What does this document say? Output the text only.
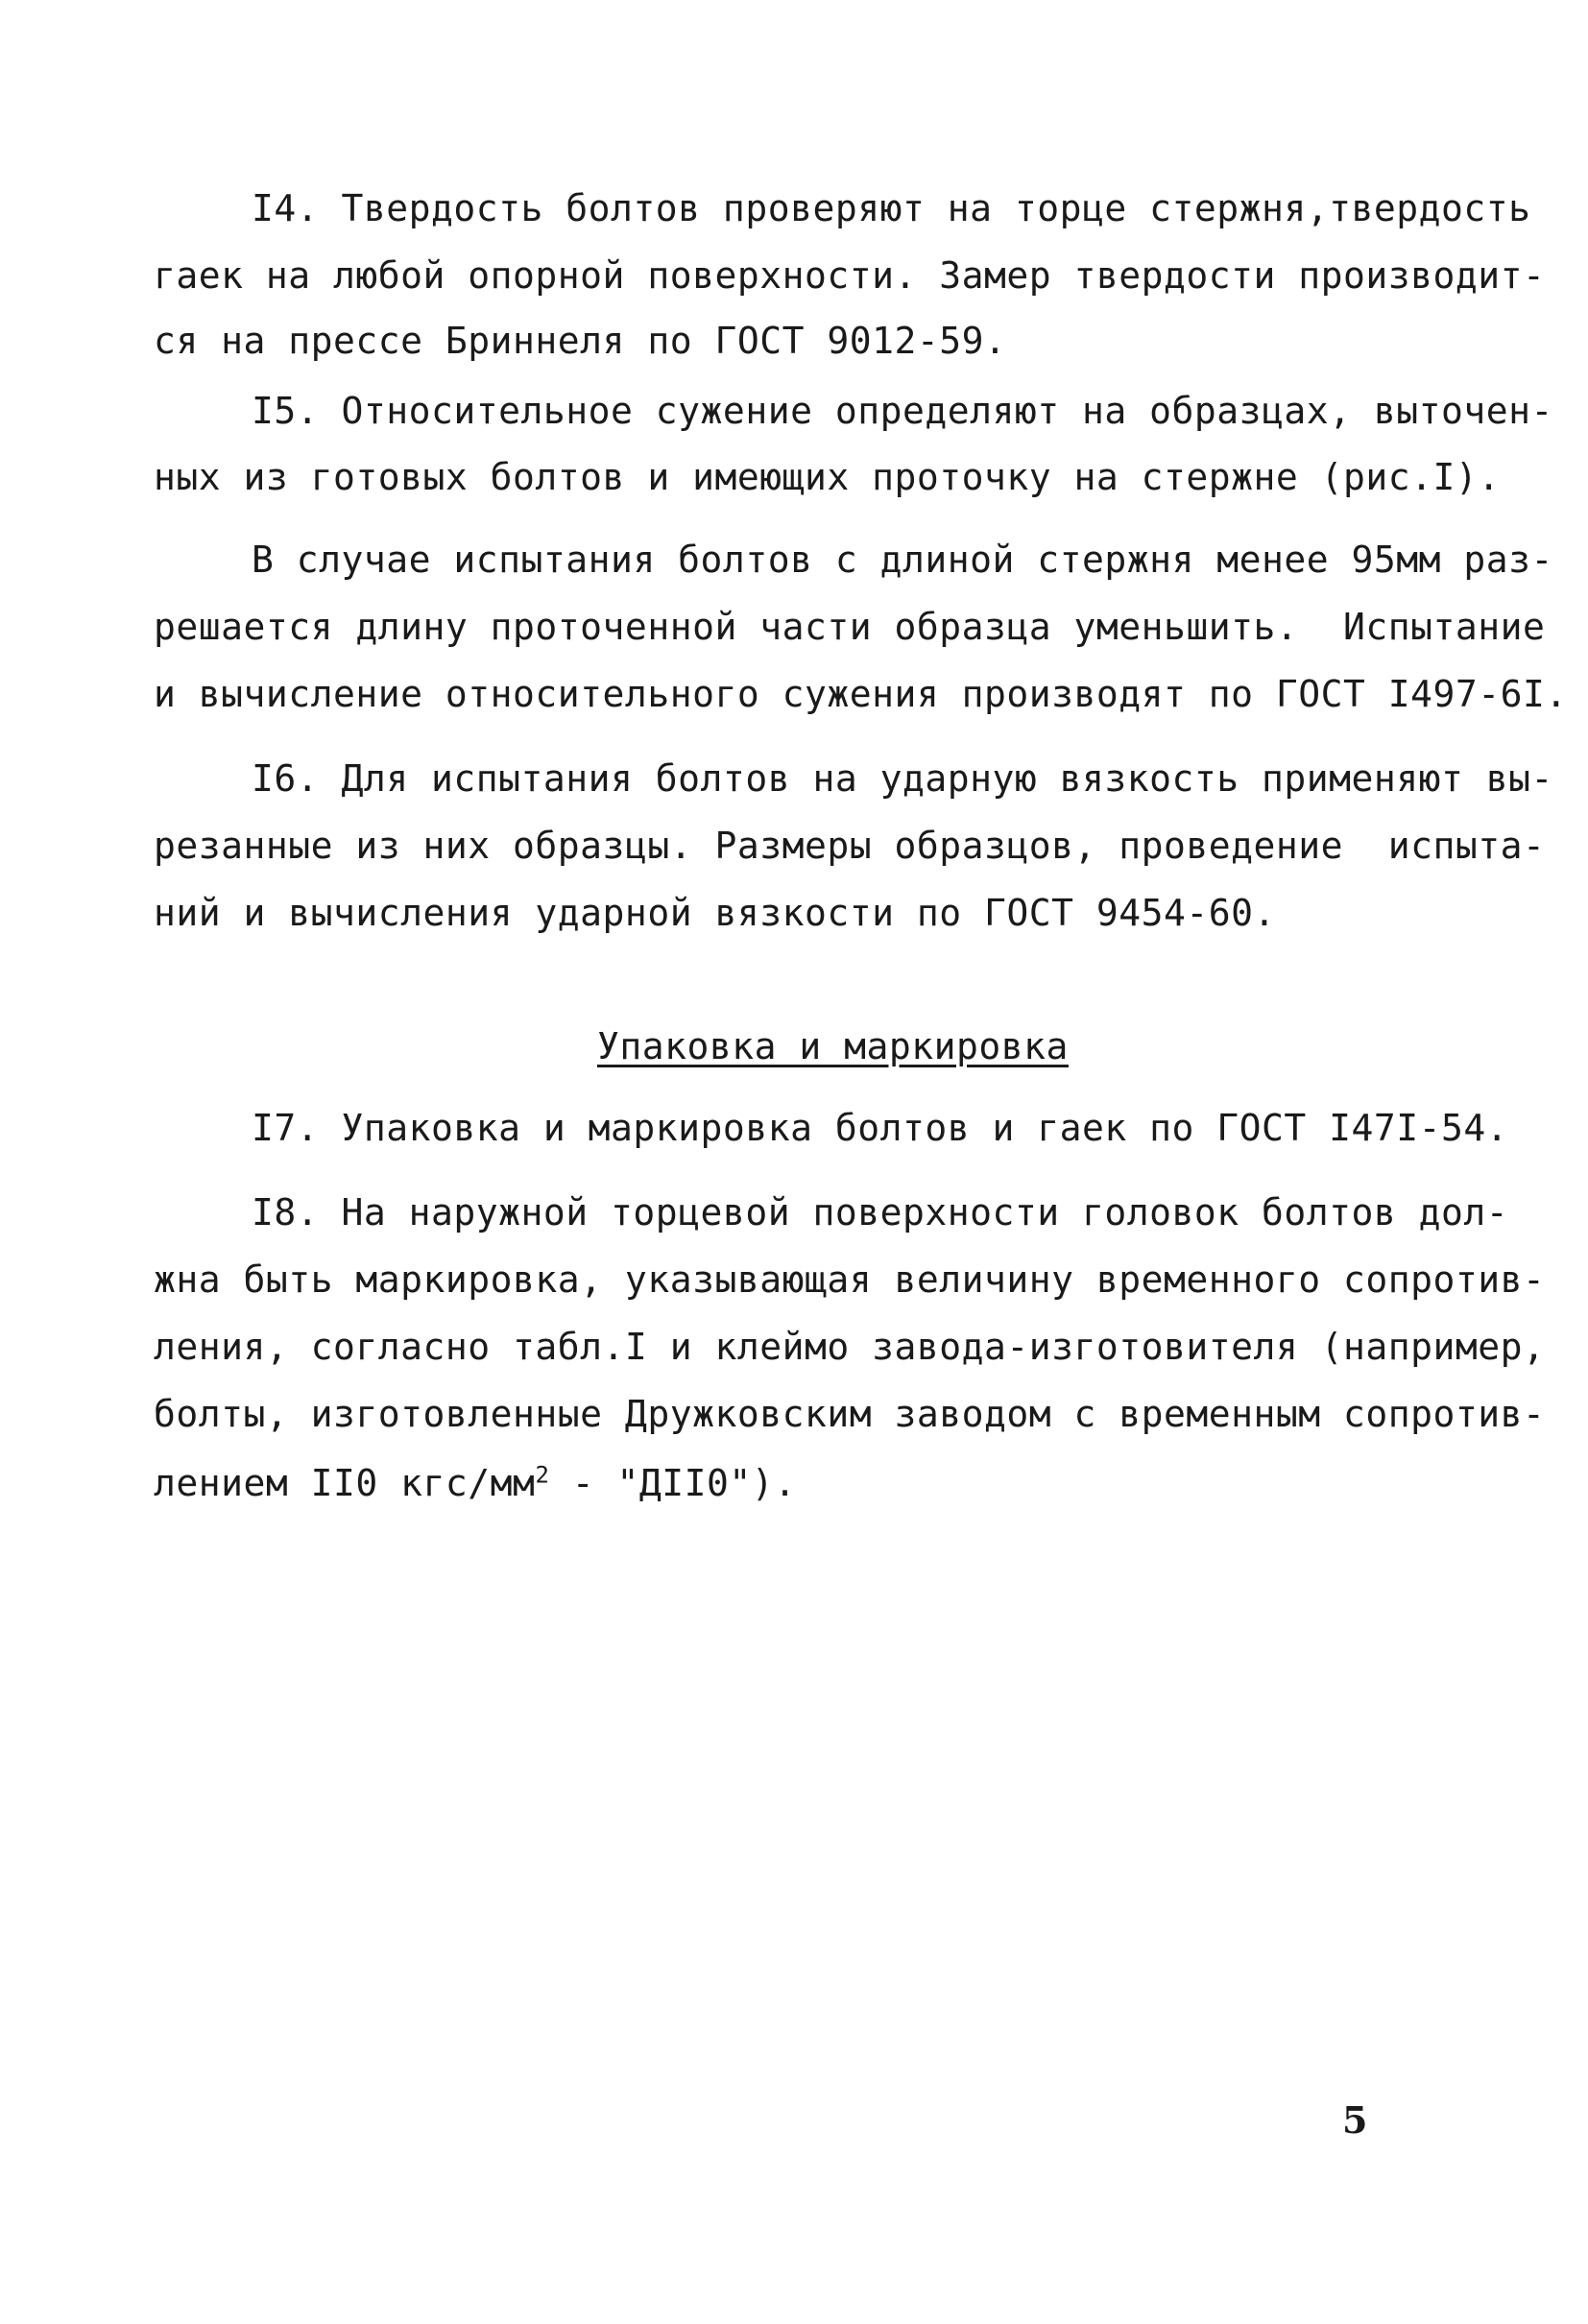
I4. Твердость болтов проверяют на торце стержня,твердость
гаек на любой опорной поверхности. Замер твердости производит-
ся на прессе Бриннеля по ГОСТ 9012-59.
I5. Относительное сужение определяют на образцах, выточен-
ных из готовых болтов и имеющих проточку на стержне (рис.I).
В случае испытания болтов с длиной стержня менее 95мм раз-
решается длину проточенной части образца уменьшить.  Испытание
и вычисление относительного сужения производят по ГОСТ I497-6I.
I6. Для испытания болтов на ударную вязкость применяют вы-
резанные из них образцы. Размеры образцов, проведение  испыта-
ний и вычисления ударной вязкости по ГОСТ 9454-60.
Упаковка и маркировка
I7. Упаковка и маркировка болтов и гаек по ГОСТ I47I-54.
I8. На наружной торцевой поверхности головок болтов дол-
жна быть маркировка, указывающая величину временного сопротив-
ления, согласно табл.I и клеймо завода-изготовителя (например,
болты, изготовленные Дружковским заводом с временным сопротив-
лением II0 кгс/$мм^2$ - "ДII0").
5
